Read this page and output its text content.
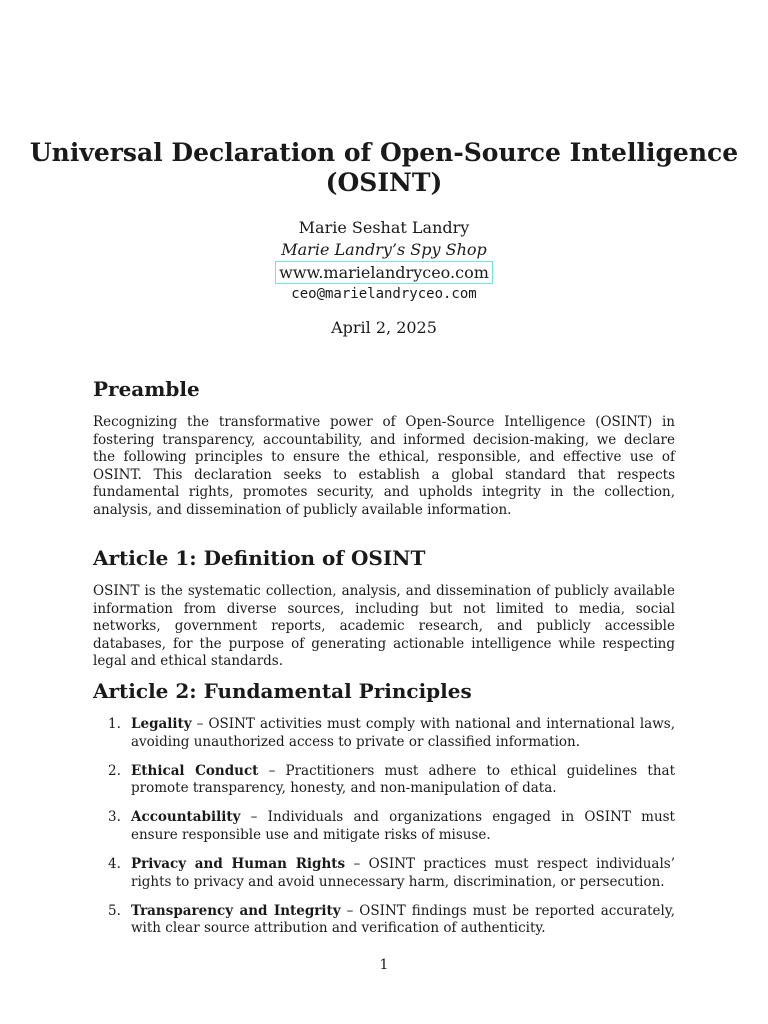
Universal Declaration of Open-Source Intelligence (OSINT)
Marie Seshat Landry
Marie Landry’s Spy Shop
www.marielandryceo.com
ceo@marielandryceo.com
April 2, 2025
Preamble

Recognizing the transformative power of Open-Source Intelligence (OSINT) in fostering transparency, accountability, and informed decision-making, we declare the following principles to ensure the ethical, responsible, and effective use of OSINT. This declaration seeks to establish a global standard that respects fundamental rights, promotes security, and upholds integrity in the collection, analysis, and dissemination of publicly available information.

Article 1: Definition of OSINT

OSINT is the systematic collection, analysis, and dissemination of publicly available information from diverse sources, including but not limited to media, social networks, government reports, academic research, and publicly accessible databases, for the purpose of generating actionable intelligence while respecting legal and ethical standards.

Article 2: Fundamental Principles
1. Legality – OSINT activities must comply with national and international laws, avoiding unauthorized access to private or classified information.
2. Ethical Conduct – Practitioners must adhere to ethical guidelines that promote transparency, honesty, and non-manipulation of data.
3. Accountability – Individuals and organizations engaged in OSINT must ensure responsible use and mitigate risks of misuse.
4. Privacy and Human Rights – OSINT practices must respect individuals’ rights to privacy and avoid unnecessary harm, discrimination, or persecution.
5. Transparency and Integrity – OSINT findings must be reported accurately, with clear source attribution and verification of authenticity.
1
